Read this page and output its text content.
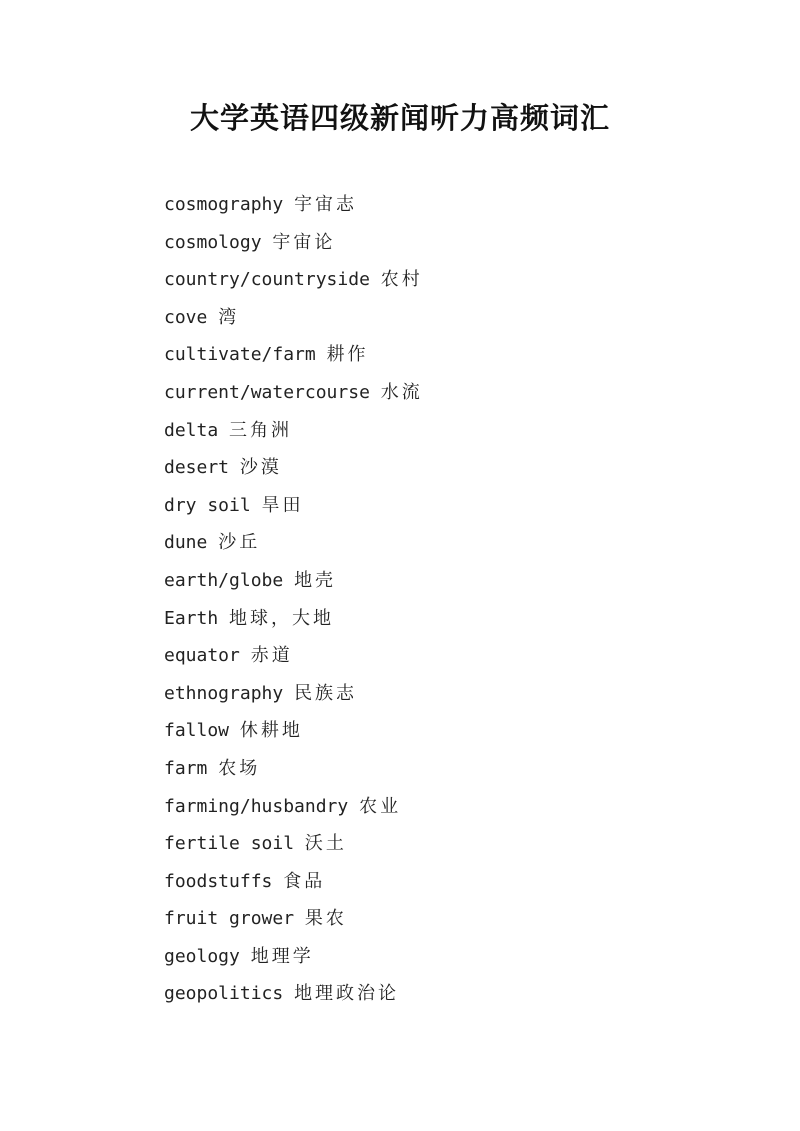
大学英语四级新闻听力高频词汇
cosmography 宇宙志
cosmology 宇宙论
country/countryside 农村
cove 湾
cultivate/farm 耕作
current/watercourse 水流
delta 三角洲
desert 沙漠
dry soil 旱田
dune 沙丘
earth/globe 地壳
Earth 地球，大地
equator 赤道
ethnography 民族志
fallow 休耕地
farm 农场
farming/husbandry 农业
fertile soil 沃土
foodstuffs 食品
fruit grower 果农
geology 地理学
geopolitics 地理政治论
